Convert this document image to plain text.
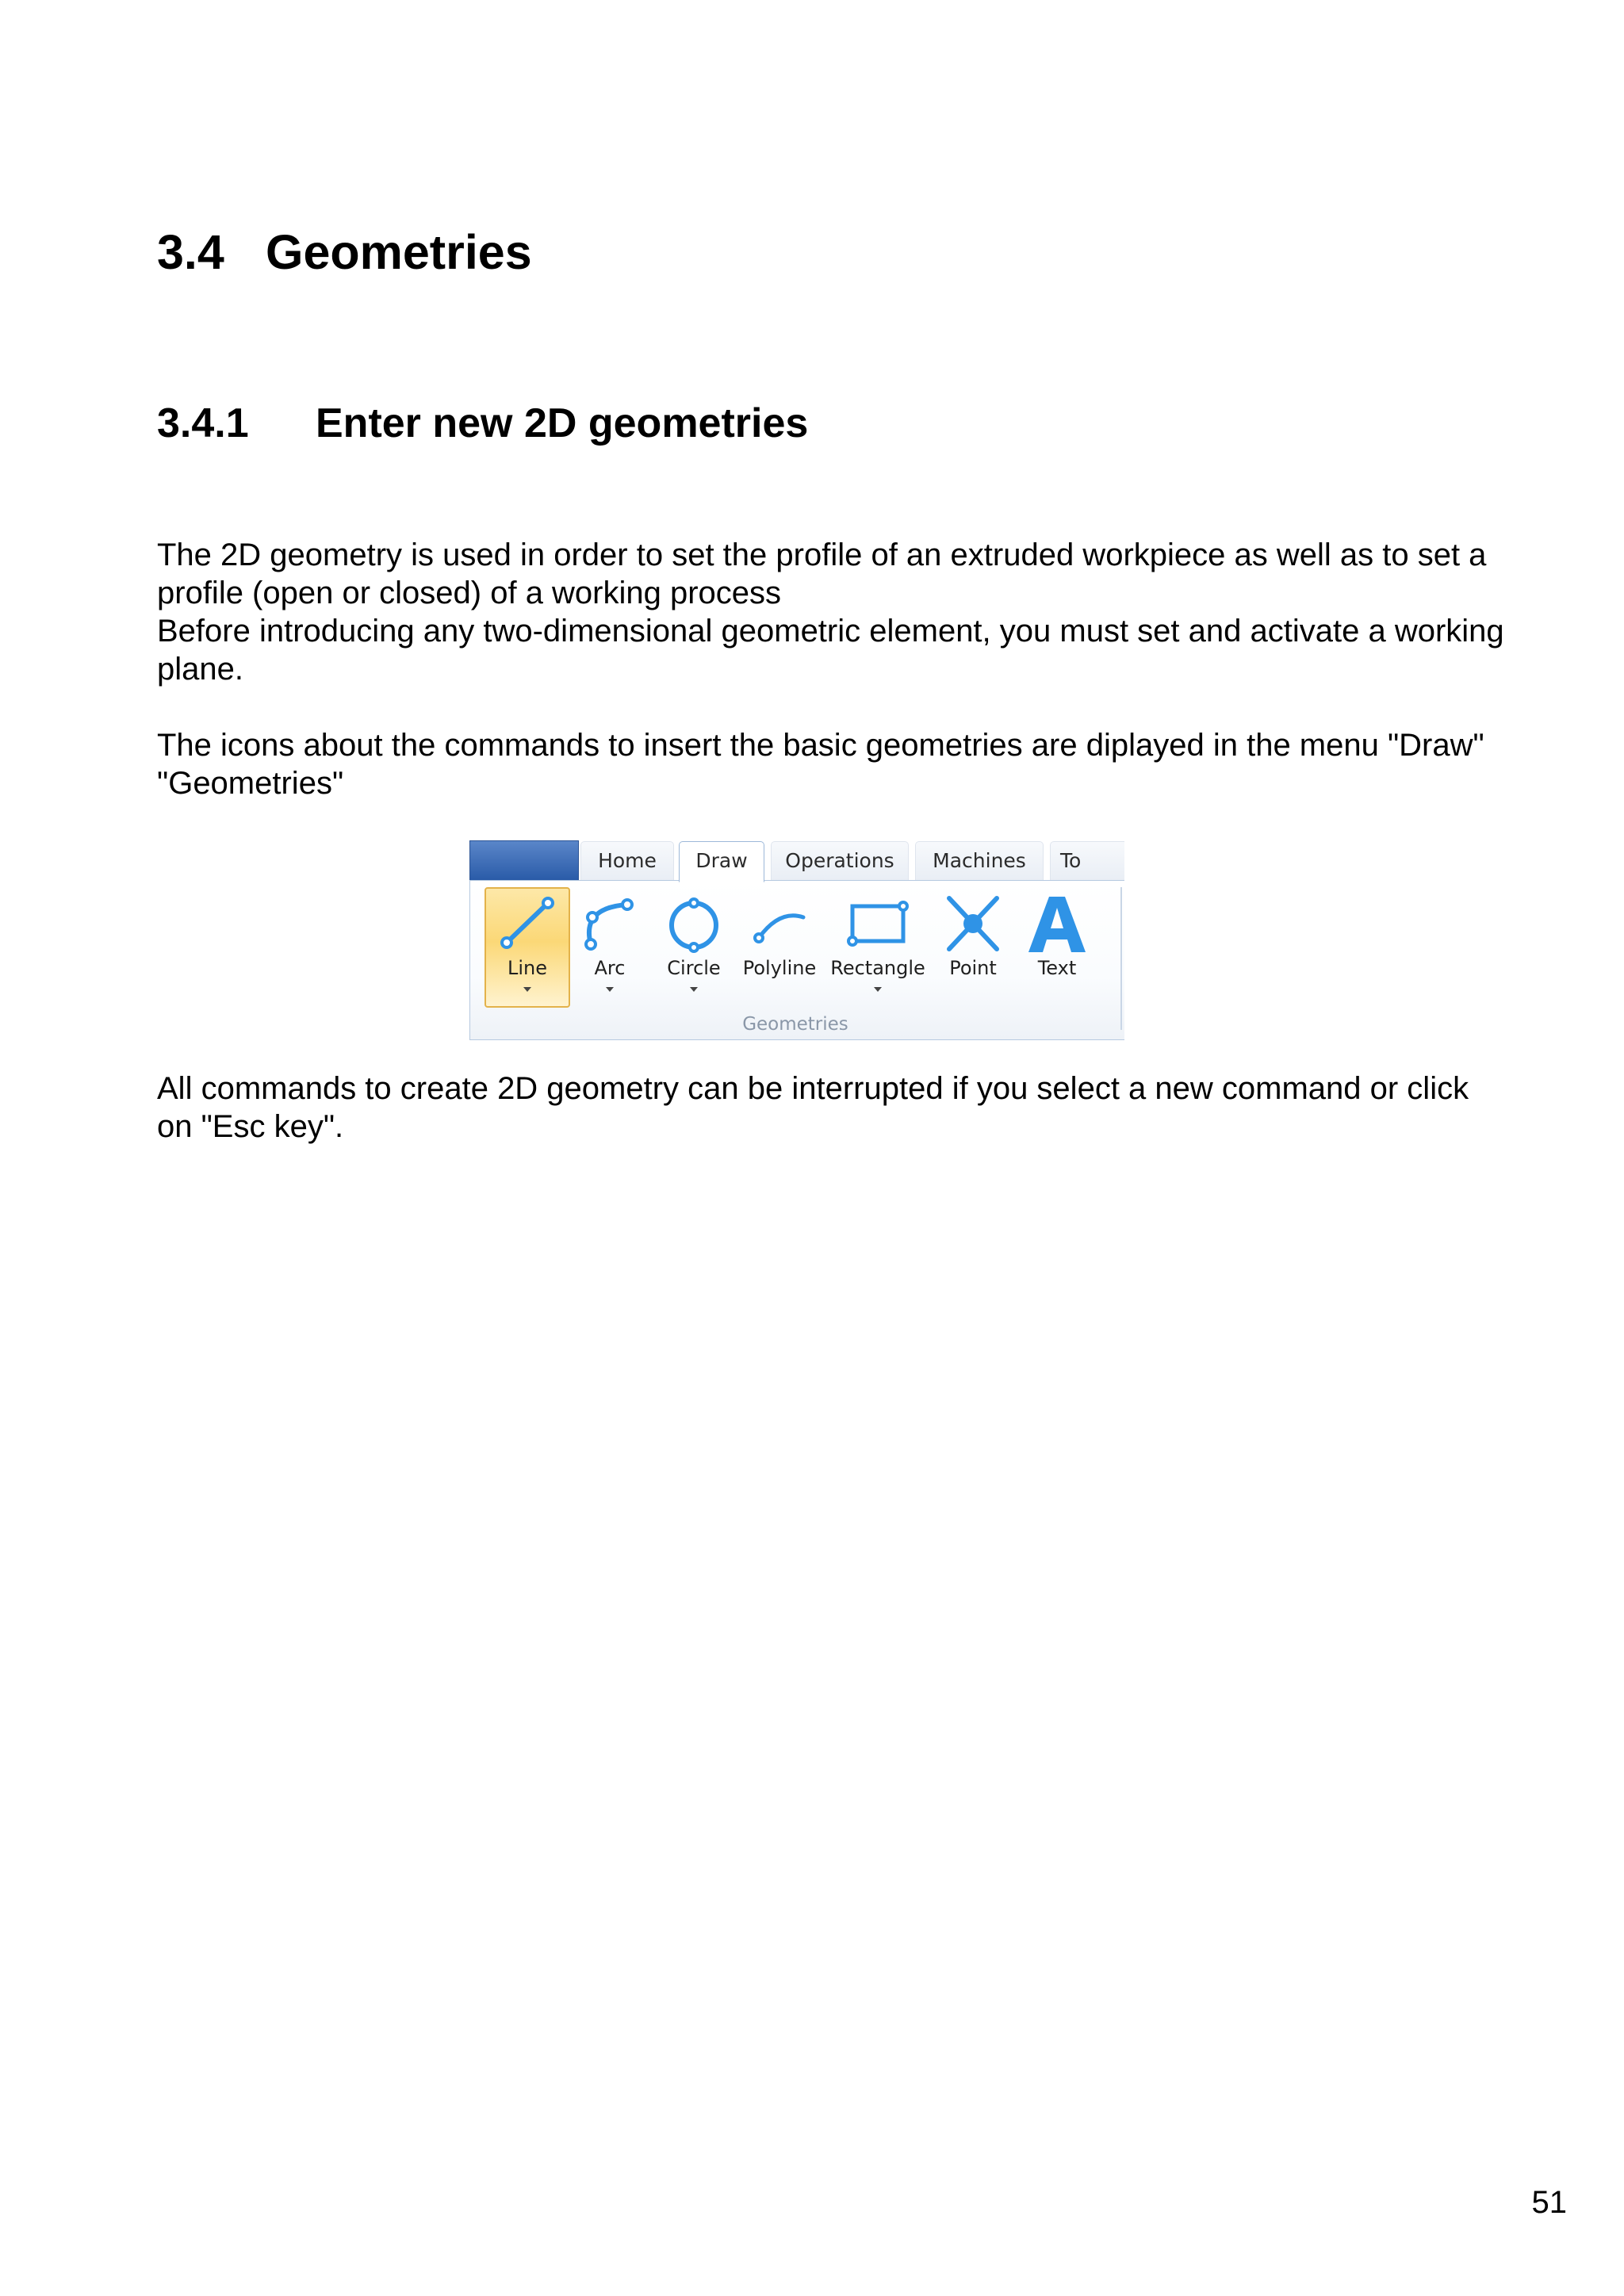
3.4 Geometries
3.4.1 Enter new 2D geometries
The 2D geometry is used in order to set the profile of an extruded workpiece as well as to set a
profile (open or closed) of a working process
Before introducing any two-dimensional geometric element, you must set and activate a working
plane.
The icons about the commands to insert the basic geometries are diplayed in the menu "Draw"
"Geometries"
Home	Draw	Operations	Machines	To
Line	Arc	Circle	Polyline Rectangle	Point	Text
Geometries
All commands to create 2D geometry can be interrupted if you select a new command or click
on "Esc key".
51
